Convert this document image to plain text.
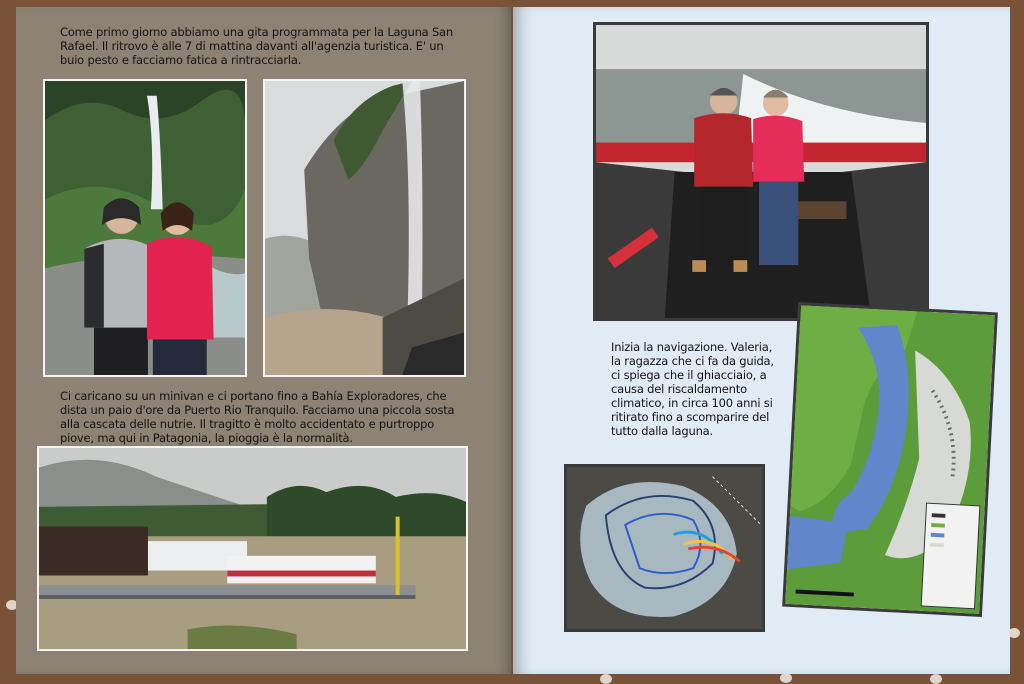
Come primo giorno abbiamo una gita programmata per la Laguna San Rafael. Il ritrovo è alle 7 di mattina davanti all'agenzia turistica. E' un buio pesto e facciamo fatica a rintracciarla.
Ci caricano su un minivan e ci portano fino a Bahía Exploradores, che dista un paio d'ore da Puerto Rio Tranquilo. Facciamo una piccola sosta alla cascata delle nutrie. Il tragitto è molto accidentato e purtroppo piove, ma qui in Patagonia, la pioggia è la normalità.
Inizia la navigazione. Valeria, la ragazza che ci fa da guida, ci spiega che il ghiacciaio, a causa del riscaldamento climatico, in circa 100 anni si ritirato fino a scomparire del tutto dalla laguna.
